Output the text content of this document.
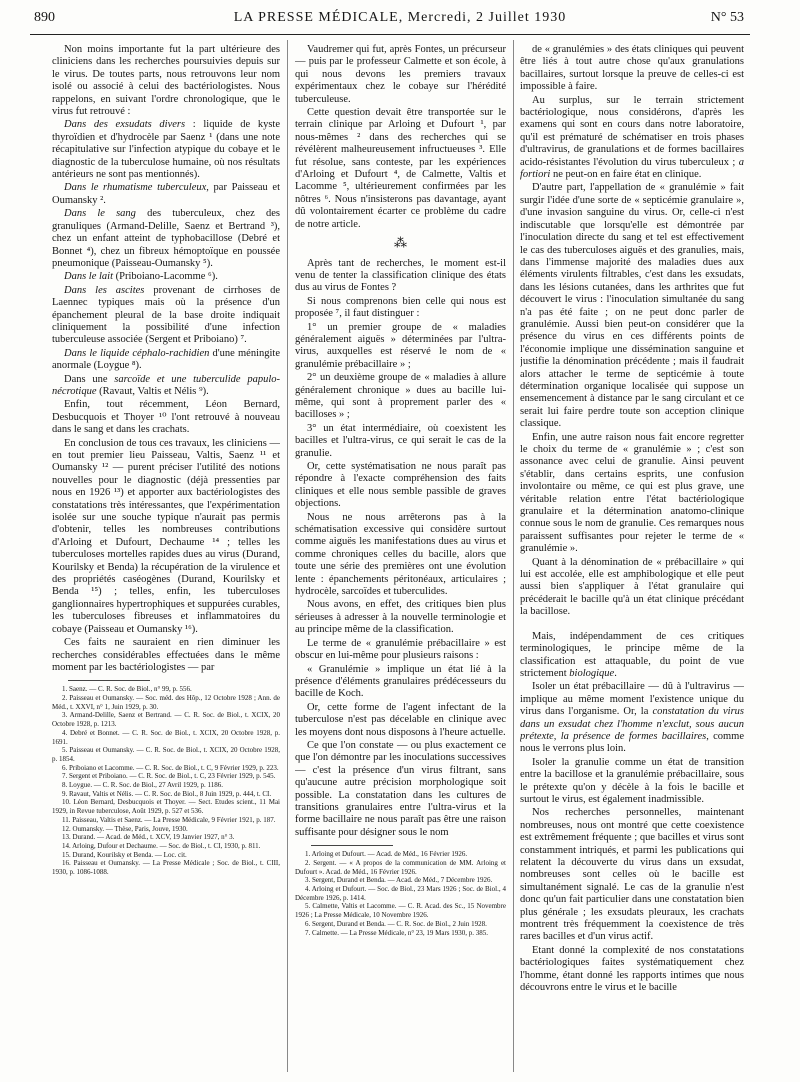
890	LA PRESSE MÉDICALE, Mercredi, 2 Juillet 1930	N° 53

Non moins importante fut la part ultérieure des cliniciens dans les recherches poursuivies depuis sur le virus. De toutes parts, nous retrouvons leur nom isolé ou associé à celui des bactériologistes. Nous rappelons, en suivant l'ordre chronologique, que le virus fut retrouvé :

Dans des exsudats divers : liquide de kyste thyroïdien et d'hydrocèle par Saenz ¹ (dans une note récapitulative sur l'infection atypique du cobaye et le diagnostic de la tuberculose humaine, où nos résultats antérieurs ne sont pas mentionnés).

Dans le rhumatisme tuberculeux, par Paisseau et Oumansky ².

Dans le sang des tuberculeux, chez des granuliques (Armand-Delille, Saenz et Bertrand ³), chez un enfant atteint de typhobacillose (Debré et Bonnet ⁴), chez un fibreux hémoptoïque en poussée pneumonique (Paisseau-Oumansky ⁵).

Dans le lait (Priboiano-Lacomme ⁶).

Dans les ascites provenant de cirrhoses de Laennec typiques mais où la présence d'un épanchement pleural de la base droite indiquait cliniquement la possibilité d'une infection tuberculeuse associée (Sergent et Priboiano) ⁷.

Dans le liquide céphalo-rachidien d'une méningite anormale (Loygue ⁸).

Dans une sarcoïde et une tuberculide papulo-nécrotique (Ravaut, Valtis et Nélis ⁹).

Enfin, tout récemment, Léon Bernard, Desbucquois et Thoyer ¹⁰ l'ont retrouvé à nouveau dans le sang et dans les crachats.

En conclusion de tous ces travaux, les cliniciens — en tout premier lieu Paisseau, Valtis, Saenz ¹¹ et Oumansky ¹² — purent préciser l'utilité des notions nouvelles pour le diagnostic (déjà pressenties par nous en 1926 ¹³) et apporter aux bactériologistes des constatations très intéressantes, que l'expérimentation isolée sur une souche typique n'aurait pas permis d'obtenir, telles les nombreuses contributions d'Arloing et Dufourt, Dechaume ¹⁴ ; telles les tuberculoses mortelles rapides dues au virus (Durand, Kourilsky et Benda) la récupération de la virulence et des propriétés caséogènes (Durand, Kourilsky et Benda ¹⁵) ; telles, enfin, les tuberculoses ganglionnaires hypertrophiques et suppurées curables, les tuberculoses fibreuses et inflammatoires du cobaye (Paisseau et Oumansky ¹⁶).

Ces faits ne sauraient en rien diminuer les recherches considérables effectuées dans le même moment par les bactériologistes — par

1. Saenz. — C. R. Soc. de Biol., n° 99, p. 556.

2. Paisseau et Oumansky. — Soc. méd. des Hôp., 12 Octobre 1928 ; Ann. de Méd., t. XXVI, n° 1, Juin 1929, p. 30.

3. Armand-Delille, Saenz et Bertrand. — C. R. Soc. de Biol., t. XCIX, 20 Octobre 1928, p. 1213.

4. Debré et Bonnet. — C. R. Soc. de Biol., t. XCIX, 20 Octobre 1928, p. 1691.

5. Paisseau et Oumansky. — C. R. Soc. de Biol., t. XCIX, 20 Octobre 1928, p. 1854.

6. Priboiano et Lacomme. — C. R. Soc. de Biol., t. C, 9 Février 1929, p. 223.

7. Sergent et Priboiano. — C. R. Soc. de Biol., t. C, 23 Février 1929, p. 545.

8. Loygue. — C. R. Soc. de Biol., 27 Avril 1929, p. 1186.

9. Ravaut, Valtis et Nélis. — C. R. Soc. de Biol., 8 Juin 1929, p. 444, t. CI.

10. Léon Bernard, Desbucquois et Thoyer. — Sect. Etudes scient., 11 Mai 1929, in Revue tuberculose, Août 1929, p. 527 et 536.

11. Paisseau, Valtis et Saenz. — La Presse Médicale, 9 Février 1921, p. 187.

12. Oumansky. — Thèse, Paris, Jouve, 1930.

13. Durand. — Acad. de Méd., t. XCV, 19 Janvier 1927, n° 3.

14. Arloing, Dufour et Dechaume. — Soc. de Biol., t. CI, 1930, p. 811.

15. Durand, Kourilsky et Benda. — Loc. cit.

16. Paisseau et Oumansky. — La Presse Médicale ; Soc. de Biol., t. CIII, 1930, p. 1086-1088.

Vaudremer qui fut, après Fontes, un précurseur — puis par le professeur Calmette et son école, à qui nous devons les premiers travaux expérimentaux chez le cobaye sur l'hérédité tuberculeuse.

Cette question devait être transportée sur le terrain clinique par Arloing et Dufourt ¹, par nous-mêmes ² dans des recherches qui se révélèrent malheureusement infructueuses ³. Elle fut résolue, sans conteste, par les expériences d'Arloing et Dufourt ⁴, de Calmette, Valtis et Lacomme ⁵, ultérieurement confirmées par les nôtres ⁶. Nous n'insisterons pas davantage, ayant dû volontairement écarter ce problème du cadre de notre article.

⁂

Après tant de recherches, le moment est-il venu de tenter la classification clinique des états dus au virus de Fontes ?

Si nous comprenons bien celle qui nous est proposée ⁷, il faut distinguer :

1° un premier groupe de « maladies généralement aiguës » déterminées par l'ultra-virus, auxquelles est réservé le nom de « granulémie prébacillaire » ;

2° un deuxième groupe de « maladies à allure généralement chronique » dues au bacille lui-même, qui sont à proprement parler des « bacilloses » ;

3° un état intermédiaire, où coexistent les bacilles et l'ultra-virus, ce qui serait le cas de la granulie.

Or, cette systématisation ne nous paraît pas répondre à l'exacte compréhension des faits cliniques et elle nous semble passible de graves objections.

Nous ne nous arrêterons pas à la schématisation excessive qui considère surtout comme aiguës les manifestations dues au virus et comme chroniques celles du bacille, alors que toute une série des premières ont une évolution lente : épanchements péritonéaux, articulaires ; hydrocèle, sarcoïdes et tuberculides.

Nous avons, en effet, des critiques bien plus sérieuses à adresser à la nouvelle terminologie et au principe même de la classification.

Le terme de « granulémie prébacillaire » est obscur en lui-même pour plusieurs raisons :

« Granulémie » implique un état lié à la présence d'éléments granulaires prédécesseurs du bacille de Koch.

Or, cette forme de l'agent infectant de la tuberculose n'est pas décelable en clinique avec les moyens dont nous disposons à l'heure actuelle.

Ce que l'on constate — ou plus exactement ce que l'on démontre par les inoculations successives — c'est la présence d'un virus filtrant, sans qu'aucune autre précision morphologique soit possible. La constatation dans les cultures de transitions granulaires entre l'ultra-virus et la forme bacillaire ne nous paraît pas être une raison suffisante pour désigner sous le nom

1. Arloing et Dufourt. — Acad. de Méd., 16 Février 1926.

2. Sergent. — « A propos de la communication de MM. Arloing et Dufourt ». Acad. de Méd., 16 Février 1926.

3. Sergent, Durand et Benda. — Acad. de Méd., 7 Décembre 1926.

4. Arloing et Dufourt. — Soc. de Biol., 23 Mars 1926 ; Soc. de Biol., 4 Décembre 1926, p. 1414.

5. Calmette, Valtis et Lacomme. — C. R. Acad. des Sc., 15 Novembre 1926 ; La Presse Médicale, 10 Novembre 1926.

6. Sergent, Durand et Benda. — C. R. Soc. de Biol., 2 Juin 1928.

7. Calmette. — La Presse Médicale, n° 23, 19 Mars 1930, p. 385.

de « granulémies » des états cliniques qui peuvent être liés à tout autre chose qu'aux granulations bacillaires, surtout lorsque la preuve de celles-ci est impossible à faire.

Au surplus, sur le terrain strictement bactériologique, nous considérons, d'après les examens qui sont en cours dans notre laboratoire, qu'il est prématuré de schématiser en trois phases d'ultravirus, de granulations et de formes bacillaires acido-résistantes l'évolution du virus tuberculeux ; a fortiori ne peut-on en faire état en clinique.

D'autre part, l'appellation de « granulémie » fait surgir l'idée d'une sorte de « septicémie granulaire », d'une invasion sanguine du virus. Or, celle-ci n'est indiscutable que lorsqu'elle est démontrée par l'inoculation directe du sang et tel est effectivement le cas des tuberculoses aiguës et des granulies, mais, dans l'immense majorité des maladies dues aux éléments virulents filtrables, c'est dans les exsudats, dans les lésions cutanées, dans les arthrites que fut découvert le virus : l'inoculation simultanée du sang n'a pas été faite ; on ne peut donc parler de granulémie. Aussi bien peut-on considérer que la présence du virus en ces différents points de l'économie implique une dissémination sanguine et justifie la dénomination précédente ; mais il faudrait alors attacher le terme de septicémie à toute détermination organique localisée qui suppose un ensemencement à distance par le sang circulant et ce serait lui faire perdre toute son acception clinique classique.

Enfin, une autre raison nous fait encore regretter le choix du terme de « granulémie » ; c'est son assonance avec celui de granulie. Ainsi peuvent s'établir, dans certains esprits, une confusion involontaire ou même, ce qui est plus grave, une véritable relation entre l'état bactériologique granulaire et la détermination anatomo-clinique connue sous le nom de granulie. Ces remarques nous paraissent suffisantes pour rejeter le terme de « granulémie ».

Quant à la dénomination de « prébacillaire » qui lui est accolée, elle est amphibologique et elle peut aussi bien s'appliquer à l'état granulaire qui précéderait le bacille qu'à un état clinique précédant la bacillose.

Mais, indépendamment de ces critiques terminologiques, le principe même de la classification est attaquable, du point de vue strictement biologique.

Isoler un état prébacillaire — dû à l'ultravirus — implique au même moment l'existence unique du virus dans l'organisme. Or, la constatation du virus dans un exsudat chez l'homme n'exclut, sous aucun prétexte, la présence de formes bacillaires, comme nous le verrons plus loin.

Isoler la granulie comme un état de transition entre la bacillose et la granulémie prébacillaire, sous le prétexte qu'on y décèle à la fois le bacille et surtout le virus, est également inadmissible.

Nos recherches personnelles, maintenant nombreuses, nous ont montré que cette coexistence est extrêmement fréquente ; que bacilles et virus sont constamment intriqués, et parmi les publications qui relatent la découverte du virus dans un exsudat, nombreuses sont celles où le bacille est simultanément signalé. Le cas de la granulie n'est donc qu'un fait particulier dans une constatation bien plus générale ; les exsudats pleuraux, les crachats montrent très fréquemment la coexistence de très rares bacilles et d'un virus actif.

Etant donné la complexité de nos constatations bactériologiques faites systématiquement chez l'homme, étant donné les rapports intimes que nous découvrons entre le virus et le bacille
